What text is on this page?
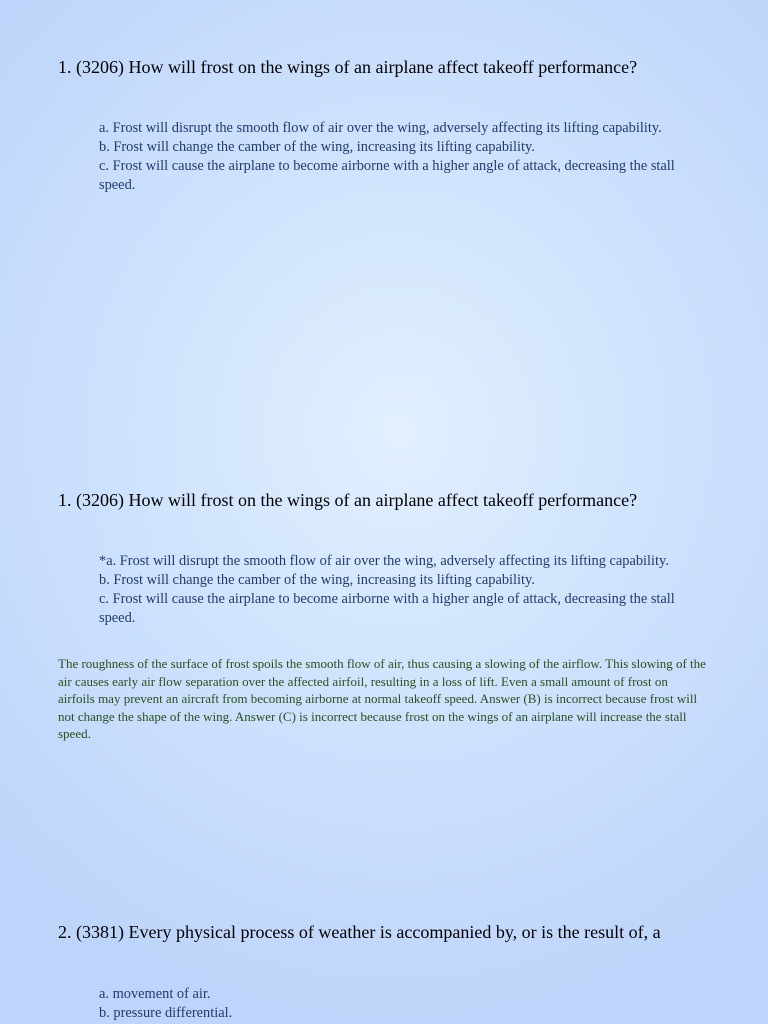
1. (3206) How will frost on the wings of an airplane affect takeoff performance?
a. Frost will disrupt the smooth flow of air over the wing, adversely affecting its lifting capability.
b. Frost will change the camber of the wing, increasing its lifting capability.
c. Frost will cause the airplane to become airborne with a higher angle of attack, decreasing the stall speed.
1. (3206) How will frost on the wings of an airplane affect takeoff performance?
*a. Frost will disrupt the smooth flow of air over the wing, adversely affecting its lifting capability.
b. Frost will change the camber of the wing, increasing its lifting capability.
c. Frost will cause the airplane to become airborne with a higher angle of attack, decreasing the stall speed.

The roughness of the surface of frost spoils the smooth flow of air, thus causing a slowing of the airflow. This slowing of the air causes early air flow separation over the affected airfoil, resulting in a loss of lift. Even a small amount of frost on airfoils may prevent an aircraft from becoming airborne at normal takeoff speed. Answer (B) is incorrect because frost will not change the shape of the wing. Answer (C) is incorrect because frost on the wings of an airplane will increase the stall speed.

2. (3381) Every physical process of weather is accompanied by, or is the result of, a
a. movement of air.
b. pressure differential.
